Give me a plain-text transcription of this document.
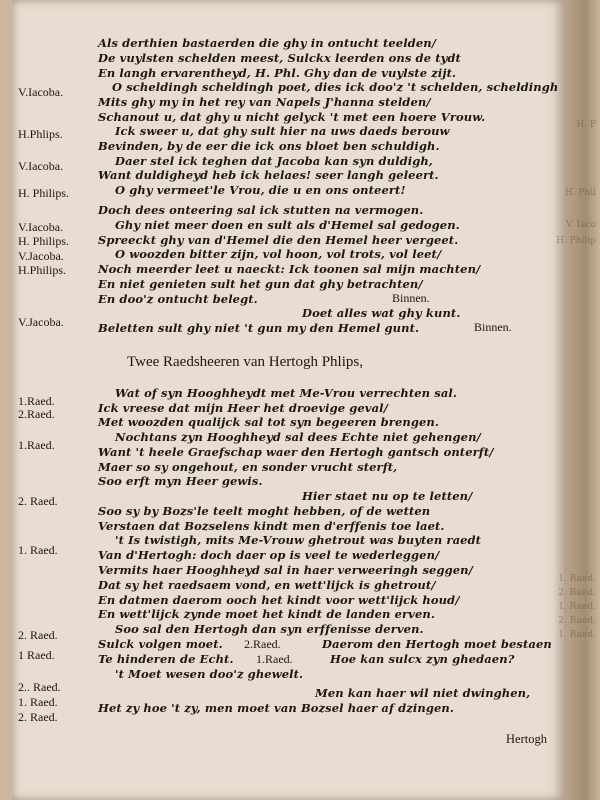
V.Iacoba.
H.Phlips.
V.Iacoba.
H. Philips.
V.Iacoba.
H. Philips.
V.Jacoba.
H.Philips.
V.Jacoba.
1.Raed.
2.Raed.
1.Raed.
2. Raed.
1. Raed.
2. Raed.
1 Raed.
2.. Raed.
1. Raed.
2. Raed.
Als derthien bastaerden die ghy in ontucht teelden/
De vuylsten schelden meest, Sulckx leerden ons de tydt
En langh ervarentheyd, H. Phl. Ghy dan de vuylste zijt.
O scheldingh scheldingh poet, dies ick doo'z 't schelden, scheldingh
Mits ghy my in het rey van Napels J'hanna stelden/
Schanout u, dat ghy u nicht gelyck 't met een hoere Vrouw.
Ick sweer u, dat ghy sult hier na uws daeds berouw
Bevinden, by de eer die ick ons bloet ben schuldigh.
Daer stel ick teghen dat Jacoba kan syn duldigh,
Want duldigheyd heb ick helaes! seer langh geleert.
O ghy vermeet'le Vrou, die u en ons onteert!
Doch dees onteering sal ick stutten na vermogen.
Ghy niet meer doen en sult als d'Hemel sal gedogen.
Spreeckt ghy van d'Hemel die den Hemel heer vergeet.
O woozden bitter zijn, vol hoon, vol trots, vol leet/
Noch meerder leet u naeckt: Ick toonen sal mijn machten/
En niet genieten sult het gun dat ghy betrachten/
En doo'z ontucht belegt.
Doet alles wat ghy kunt.
Beletten sult ghy niet 't gun my den Hemel gunt.
Wat of syn Hooghheydt met Me-Vrou verrechten sal.
Ick vreese dat mijn Heer het droevige geval/
Met woozden qualijck sal tot syn begeeren brengen.
Nochtans zyn Hooghheyd sal dees Echte niet gehengen/
Want 't heele Graefschap waer den Hertogh gantsch onterft/
Maer so sy ongehout, en sonder vrucht sterft,
Soo erft myn Heer gewis.
Hier staet nu op te letten/
Soo sy by Bozs'le teelt moght hebben, of de wetten
Verstaen dat Bozselens kindt men d'erffenis toe laet.
't Is twistigh, mits Me-Vrouw ghetrout was buyten raedt
Van d'Hertogh: doch daer op is veel te wederleggen/
Vermits haer Hooghheyd sal in haer verweeringh seggen/
Dat sy het raedsaem vond, en wett'lijck is ghetrout/
En datmen daerom ooch het kindt voor wett'lijck houd/
En wett'lijck zynde moet het kindt de landen erven.
Soo sal den Hertogh dan syn erffenisse derven.
Sulck volgen moet.	Daerom den Hertogh moet bestaen
Te hinderen de Echt.	Hoe kan sulcx zyn ghedaen?
't Moet wesen doo'z ghewelt.
Men kan haer wil niet dwinghen,
Het zy hoe 't zy, men moet van Bozsel haer af dzingen.
Twee Raedsheeren van Hertogh Phlips,
Binnen.
Binnen.
2.Raed.
1.Raed.
Hertogh
H. P
H. Phil
V. Iaco
H. Philip
1. Raed.
2. Raed.
1. Raed.
2. Raed.
1. Raed.
